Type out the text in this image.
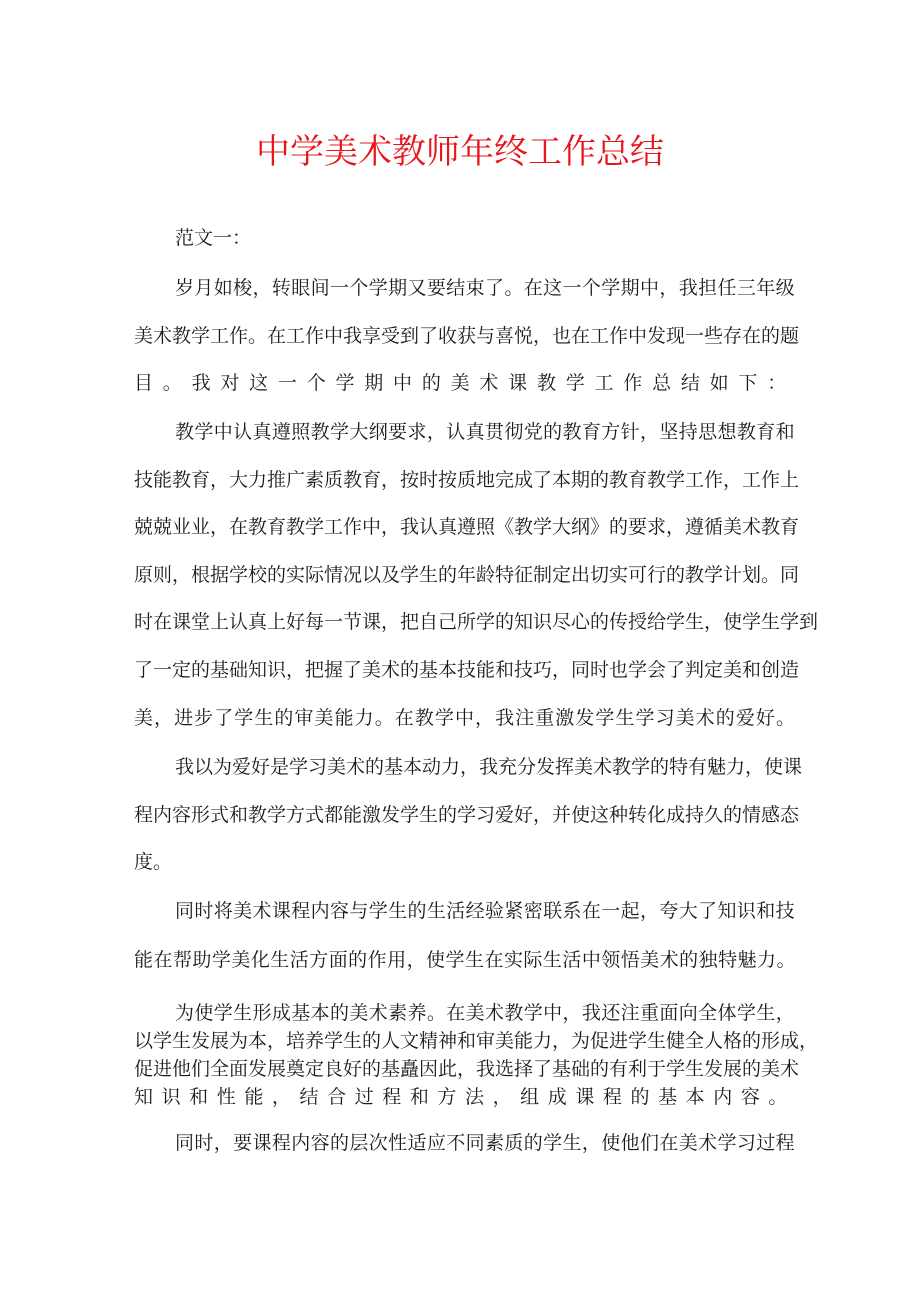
中学美术教师年终工作总结
范文一：
岁月如梭，转眼间一个学期又要结束了。在这一个学期中，我担任三年级
美术教学工作。在工作中我享受到了收获与喜悦，也在工作中发现一些存在的题
目。我对这一个学期中的美术课教学工作总结如下：
教学中认真遵照教学大纲要求，认真贯彻党的教育方针，坚持思想教育和
技能教育，大力推广素质教育，按时按质地完成了本期的教育教学工作，工作上
兢兢业业，在教育教学工作中，我认真遵照《教学大纲》的要求，遵循美术教育
原则，根据学校的实际情况以及学生的年龄特征制定出切实可行的教学计划。同
时在课堂上认真上好每一节课，把自己所学的知识尽心的传授给学生，使学生学到
了一定的基础知识，把握了美术的基本技能和技巧，同时也学会了判定美和创造
美，进步了学生的审美能力。在教学中，我注重激发学生学习美术的爱好。
我以为爱好是学习美术的基本动力，我充分发挥美术教学的特有魅力，使课
程内容形式和教学方式都能激发学生的学习爱好，并使这种转化成持久的情感态
度。
同时将美术课程内容与学生的生活经验紧密联系在一起，夸大了知识和技
能在帮助学美化生活方面的作用，使学生在实际生活中领悟美术的独特魅力。
为使学生形成基本的美术素养。在美术教学中，我还注重面向全体学生，
以学生发展为本，培养学生的人文精神和审美能力，为促进学生健全人格的形成，
促进他们全面发展奠定良好的基矗因此，我选择了基础的有利于学生发展的美术
知识和性能，结合过程和方法，组成课程的基本内容。
同时，要课程内容的层次性适应不同素质的学生，使他们在美术学习过程
